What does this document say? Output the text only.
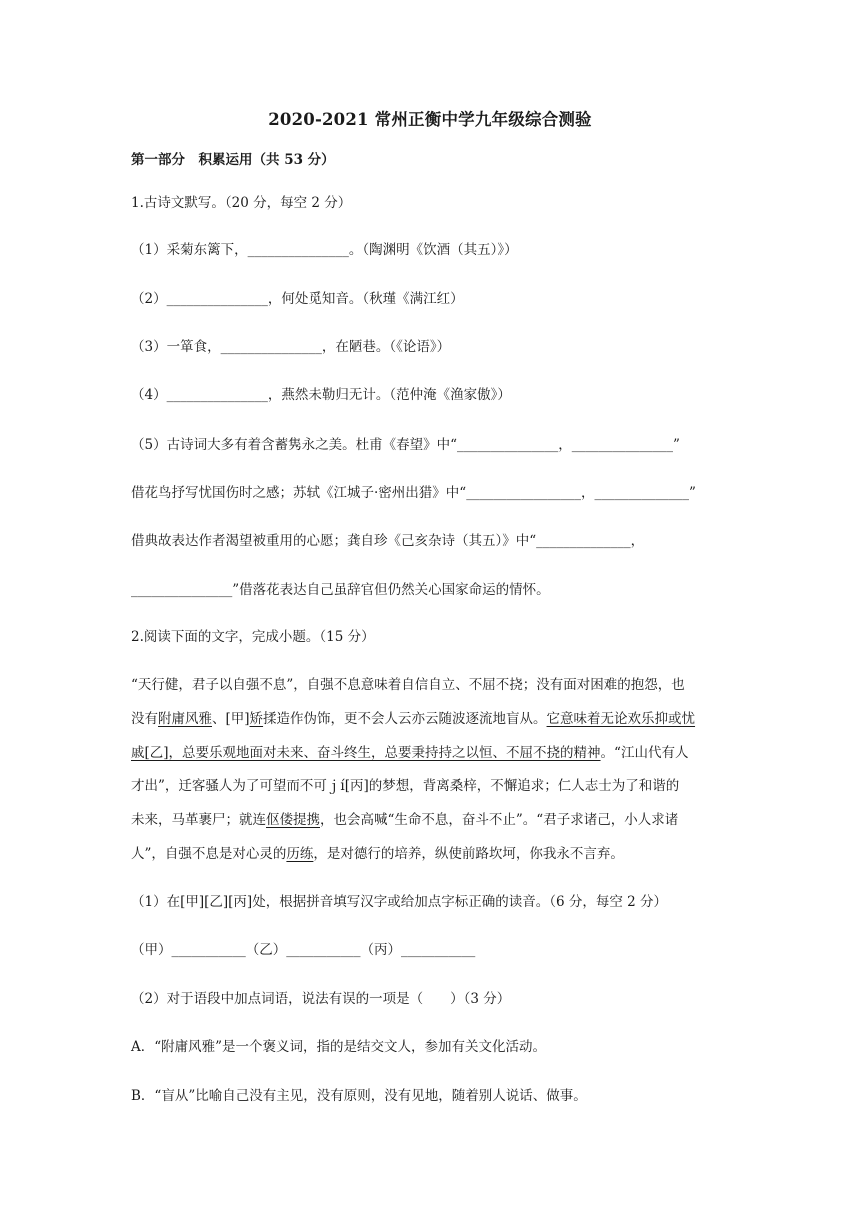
2020-2021 常州正衡中学九年级综合测验
第一部分　积累运用（共 53 分）
1.古诗文默写。（20 分，每空 2 分）
（1）采菊东篱下，_______________。（陶渊明《饮酒（其五）》）
（2）_______________，何处觅知音。（秋瑾《满江红）
（3）一箪食，_______________，在陋巷。（《论语》）
（4）_______________，燕然未勒归无计。（范仲淹《渔家傲》）
（5）古诗词大多有着含蓄隽永之美。杜甫《春望》中“_______________，_______________”
借花鸟抒写忧国伤时之感；苏轼《江城子·密州出猎》中“_________________，______________”
借典故表达作者渴望被重用的心愿；龚自珍《己亥杂诗（其五）》中“______________，
_______________”借落花表达自己虽辞官但仍然关心国家命运的情怀。
2.阅读下面的文字，完成小题。（15 分）
“天行健，君子以自强不息”，自强不息意味着自信自立、不屈不挠；没有面对困难的抱怨，也
没有附庸风雅、[甲]矫揉造作伪饰，更不会人云亦云随波逐流地盲从。它意味着无论欢乐抑或忧
戚[乙]，总要乐观地面对未来、奋斗终生，总要秉持持之以恒、不屈不挠的精神。“江山代有人
才出”，迁客骚人为了可望而不可ｊí[丙]的梦想，背离桑梓，不懈追求；仁人志士为了和谐的
未来，马革裹尸；就连伛偻提携，也会高喊“生命不息，奋斗不止”。“君子求诸己，小人求诸
人”，自强不息是对心灵的历练，是对德行的培养，纵使前路坎坷，你我永不言弃。
（1）在[甲][乙][丙]处，根据拼音填写汉字或给加点字标正确的读音。（6 分，每空 2 分）
（甲）___________（乙）___________（丙）___________
（2）对于语段中加点词语，说法有误的一项是（　　）（3 分）
A．“附庸风雅”是一个褒义词，指的是结交文人，参加有关文化活动。
B．“盲从”比喻自己没有主见，没有原则，没有见地，随着别人说话、做事。
